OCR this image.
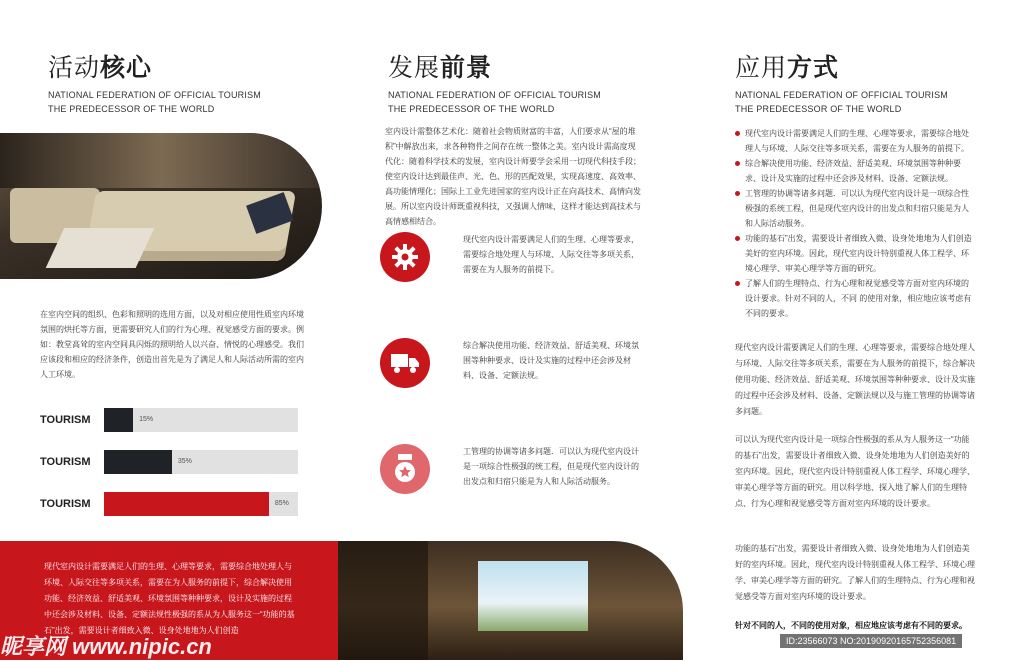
活动核心
NATIONAL FEDERATION OF OFFICIAL TOURISM
THE PREDECESSOR OF THE WORLD
发展前景
NATIONAL FEDERATION OF OFFICIAL TOURISM
THE PREDECESSOR OF THE WORLD
应用方式
NATIONAL FEDERATION OF OFFICIAL TOURISM
THE PREDECESSOR OF THE WORLD
在室内空间的组织、色彩和照明的选用方面，以及对相应使用性质室内环境氛围的烘托等方面，更需要研究人们的行为心理、视觉感受方面的要求。例如：教堂高耸的室内空间具闪烁的照明给人以兴奋、情悦的心理感受。我们应该段和相应的经济条件，创造出首先是为了满足人和人际活动所需的室内人工环境。
TOURISM	15%
TOURISM	35%
TOURISM	85%
现代室内设计需要满足人们的生理、心理等要求，需要综合地处理人与环境、人际交往等多项关系，需要在为人服务的前提下，综合解决使用功能、经济效益、舒适美观、环境氛围等种种要求，设计及实施的过程中还会涉及材料、设备、定额法规性极强的系从为人服务这一“功能的基石”出发，需要设计者细致入微、设身处地地为人们创造
室内设计需整体艺术化：随着社会物质财富的丰富，人们要求从“屋的堆积”中解放出来，求各种物件之间存在统一整体之美。室内设计需高度现代化：随着科学技术的发展，室内设计师要学会采用一切现代科技手段；使室内设计达到最佳声、光、色、形的匹配效果，实现高速度、高效率、高功能情理化；国际上工业先进国家的室内设计正在向高技术、高情向发展。所以室内设计师既重视科技，又强调人情味，这样才能达到高技术与高情感相结合。
现代室内设计需要满足人们的生理、心理等要求，需要综合地处理人与环境、人际交往等多项关系，需要在为人服务的前提下。
综合解决使用功能、经济效益、舒适美观、环境氛围等种种要求、设计及实施的过程中还会涉及材料、设备、定额法规。
工管理的协调等诸多问题．可以认为现代室内设计是一项综合性极强的统工程，但是现代室内设计的出发点和归宿只能是为人和人际活动服务。
现代室内设计需要满足人们的生理、心理等要求，需要综合地处理人与环境、人际交往等多项关系，需要在为人服务的前提下。
综合解决使用功能、经济效益、舒适美观、环境氛围等种种要求、设计及实施的过程中还会涉及材料、设备、定额法规。
工管理的协调等诸多问题．可以认为现代室内设计是一项综合性极强的系统工程，但是现代室内设计的出发点和归宿只能是为人和人际活动服务。
功能的基石”出发，需要设计者细致入微、设身处地地为人们创造美好的室内环境。因此，现代室内设计特别重视人体工程学、环境心理学、审美心理学等方面的研究。
了解人们的生理特点、行为心理和视觉感受等方面对室内环境的设计要求。针对不同的人，不同 的使用对象，相应地应该考虑有不同的要求。
现代室内设计需要满足人们的生理、心理等要求，需要综合地处理人与环境、人际交往等多项关系，需要在为人服务的前提下，综合解决使用功能、经济效益、舒适美观、环境氛围等种种要求、设计及实施的过程中还会涉及材料、设备、定额法规以及与施工管理的协调等诸多问题。
可以认为现代室内设计是一项综合性极强的系从为人服务这一“功能的基石”出发，需要设计者细致入微、设身处地地为人们创造美好的室内环境。因此，现代室内设计特别重视人体工程学、环境心理学、审美心理学等方面的研究。用以科学地、探入地了解人们的生理特点、行为心理和视觉感受等方面对室内环境的设计要求。
功能的基石”出发，需要设计者细致入微、设身处地地为人们创造美好的室内环境。因此，现代室内设计特别重视人体工程学、环境心理学、审美心理学等方面的研究。了解人们的生理特点、行为心理和视觉感受等方面对室内环境的设计要求。
针对不同的人，不同的使用对象，相应地应该考虑有不同的要求。
昵享网 www.nipic.cn	ID:23566073 NO:20190920165752356081
